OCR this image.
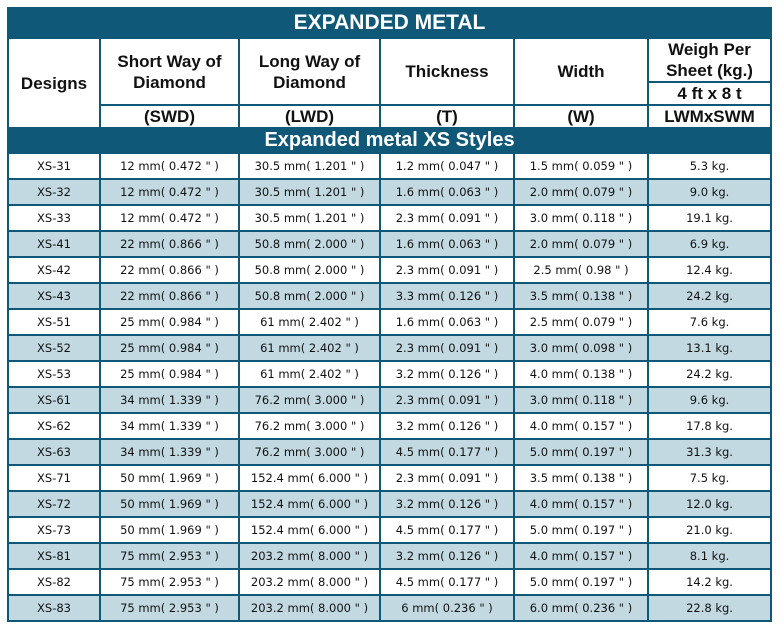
EXPANDED METAL					
Designs	Short Way of Diamond	Long Way of Diamond	Thickness	Width	Weigh Per Sheet (kg.)
					4 ft x 8 t
	(SWD)	(LWD)	(T)	(W)	LWMxSWM
Expanded metal XS Styles					
XS-31	12 mm( 0.472 " )	30.5 mm( 1.201 " )	1.2 mm( 0.047 " )	1.5 mm( 0.059 " )	5.3 kg.
XS-32	12 mm( 0.472 " )	30.5 mm( 1.201 " )	1.6 mm( 0.063 " )	2.0 mm( 0.079 " )	9.0 kg.
XS-33	12 mm( 0.472 " )	30.5 mm( 1.201 " )	2.3 mm( 0.091 " )	3.0 mm( 0.118 " )	19.1 kg.
XS-41	22 mm( 0.866 " )	50.8 mm( 2.000 " )	1.6 mm( 0.063 " )	2.0 mm( 0.079 " )	6.9 kg.
XS-42	22 mm( 0.866 " )	50.8 mm( 2.000 " )	2.3 mm( 0.091 " )	2.5 mm( 0.98 " )	12.4 kg.
XS-43	22 mm( 0.866 " )	50.8 mm( 2.000 " )	3.3 mm( 0.126 " )	3.5 mm( 0.138 " )	24.2 kg.
XS-51	25 mm( 0.984 " )	61 mm( 2.402 " )	1.6 mm( 0.063 " )	2.5 mm( 0.079 " )	7.6 kg.
XS-52	25 mm( 0.984 " )	61 mm( 2.402 " )	2.3 mm( 0.091 " )	3.0 mm( 0.098 " )	13.1 kg.
XS-53	25 mm( 0.984 " )	61 mm( 2.402 " )	3.2 mm( 0.126 " )	4.0 mm( 0.138 " )	24.2 kg.
XS-61	34 mm( 1.339 " )	76.2 mm( 3.000 " )	2.3 mm( 0.091 " )	3.0 mm( 0.118 " )	9.6 kg.
XS-62	34 mm( 1.339 " )	76.2 mm( 3.000 " )	3.2 mm( 0.126 " )	4.0 mm( 0.157 " )	17.8 kg.
XS-63	34 mm( 1.339 " )	76.2 mm( 3.000 " )	4.5 mm( 0.177 " )	5.0 mm( 0.197 " )	31.3 kg.
XS-71	50 mm( 1.969 " )	152.4 mm( 6.000 " )	2.3 mm( 0.091 " )	3.5 mm( 0.138 " )	7.5 kg.
XS-72	50 mm( 1.969 " )	152.4 mm( 6.000 " )	3.2 mm( 0.126 " )	4.0 mm( 0.157 " )	12.0 kg.
XS-73	50 mm( 1.969 " )	152.4 mm( 6.000 " )	4.5 mm( 0.177 " )	5.0 mm( 0.197 " )	21.0 kg.
XS-81	75 mm( 2.953 " )	203.2 mm( 8.000 " )	3.2 mm( 0.126 " )	4.0 mm( 0.157 " )	8.1 kg.
XS-82	75 mm( 2.953 " )	203.2 mm( 8.000 " )	4.5 mm( 0.177 " )	5.0 mm( 0.197 " )	14.2 kg.
XS-83	75 mm( 2.953 " )	203.2 mm( 8.000 " )	6 mm( 0.236 " )	6.0 mm( 0.236 " )	22.8 kg.
